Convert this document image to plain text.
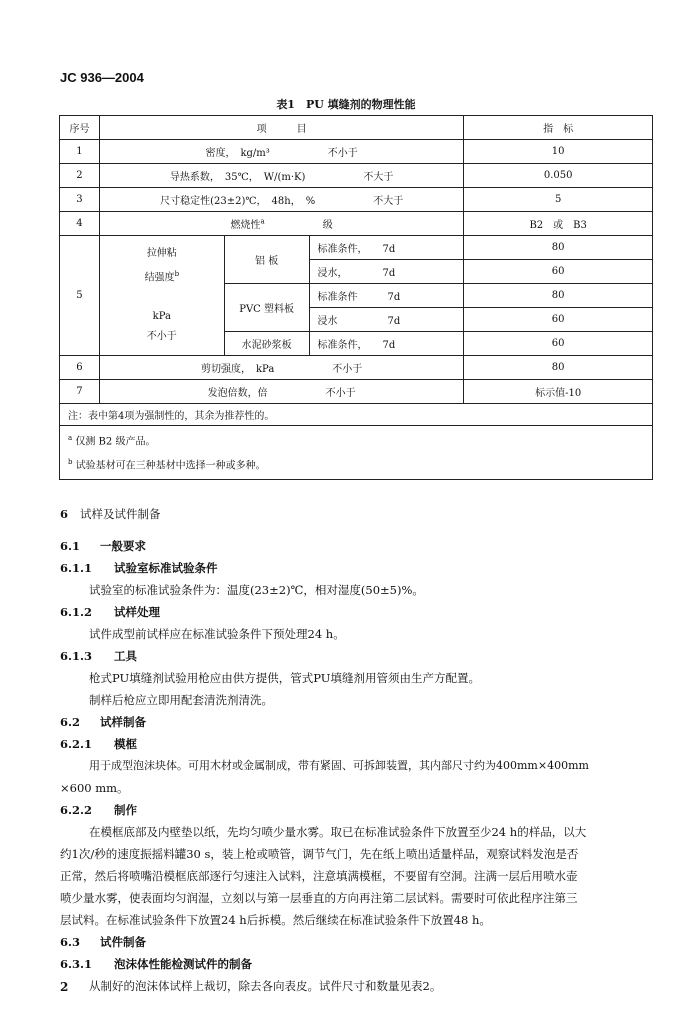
JC 936—2004
表1　PU 填缝剂的物理性能
序号	项　　　目			指　标
1	密度，　kg/m³ 不小于			10
2	导热系数，　35℃，　W/(m·K) 不大于			0.050
3	尺寸稳定性(23±2)℃，　48h，　% 不大于			5
4	燃烧性$^a$ 级			B2　或　B3
5	拉伸粘
结强度$^b$
kPa
不小于	铝 板	标准条件，　　 7d	80
			浸水，　　　　 7d	60
		PVC 塑料板	标准条件　　　 7d	80
			浸水　　　　　 7d	60
		水泥砂浆板	标准条件，　　 7d	60
6	剪切强度，　kPa 不小于			80
7	发泡倍数，倍 不小于			标示值-10
注：表中第4项为强制性的，其余为推荐性的。				

$^a$ 仅测 B2 级产品。
$^b$ 试验基材可在三种基材中选择一种或多种。				
6 试样及试件制备
6.1 一般要求
6.1.1 试验室标准试验条件
试验室的标准试验条件为：温度(23±2)℃，相对湿度(50±5)%。
6.1.2 试样处理
试件成型前试样应在标准试验条件下预处理24 h。
6.1.3 工具
枪式PU填缝剂试验用枪应由供方提供，管式PU填缝剂用管须由生产方配置。
制样后枪应立即用配套清洗剂清洗。
6.2 试样制备
6.2.1 模框
用于成型泡沫块体。可用木材或金属制成，带有紧固、可拆卸装置，其内部尺寸约为400mm×400mm
×600 mm。
6.2.2 制作
在模框底部及内壁垫以纸，先均匀喷少量水雾。取已在标准试验条件下放置至少24 h的样品，以大
约1次/秒的速度振摇料罐30 s，装上枪或喷管，调节气门，先在纸上喷出适量样品，观察试料发泡是否
正常，然后将喷嘴沿模框底部逐行匀速注入试料，注意填满模框，不要留有空洞。注满一层后用喷水壶
喷少量水雾，使表面均匀润湿，立刻以与第一层垂直的方向再注第二层试料。需要时可依此程序注第三
层试料。在标准试验条件下放置24 h后拆模。然后继续在标准试验条件下放置48 h。
6.3 试件制备
6.3.1 泡沫体性能检测试件的制备
从制好的泡沫体试样上裁切，除去各向表皮。试件尺寸和数量见表2。
2
